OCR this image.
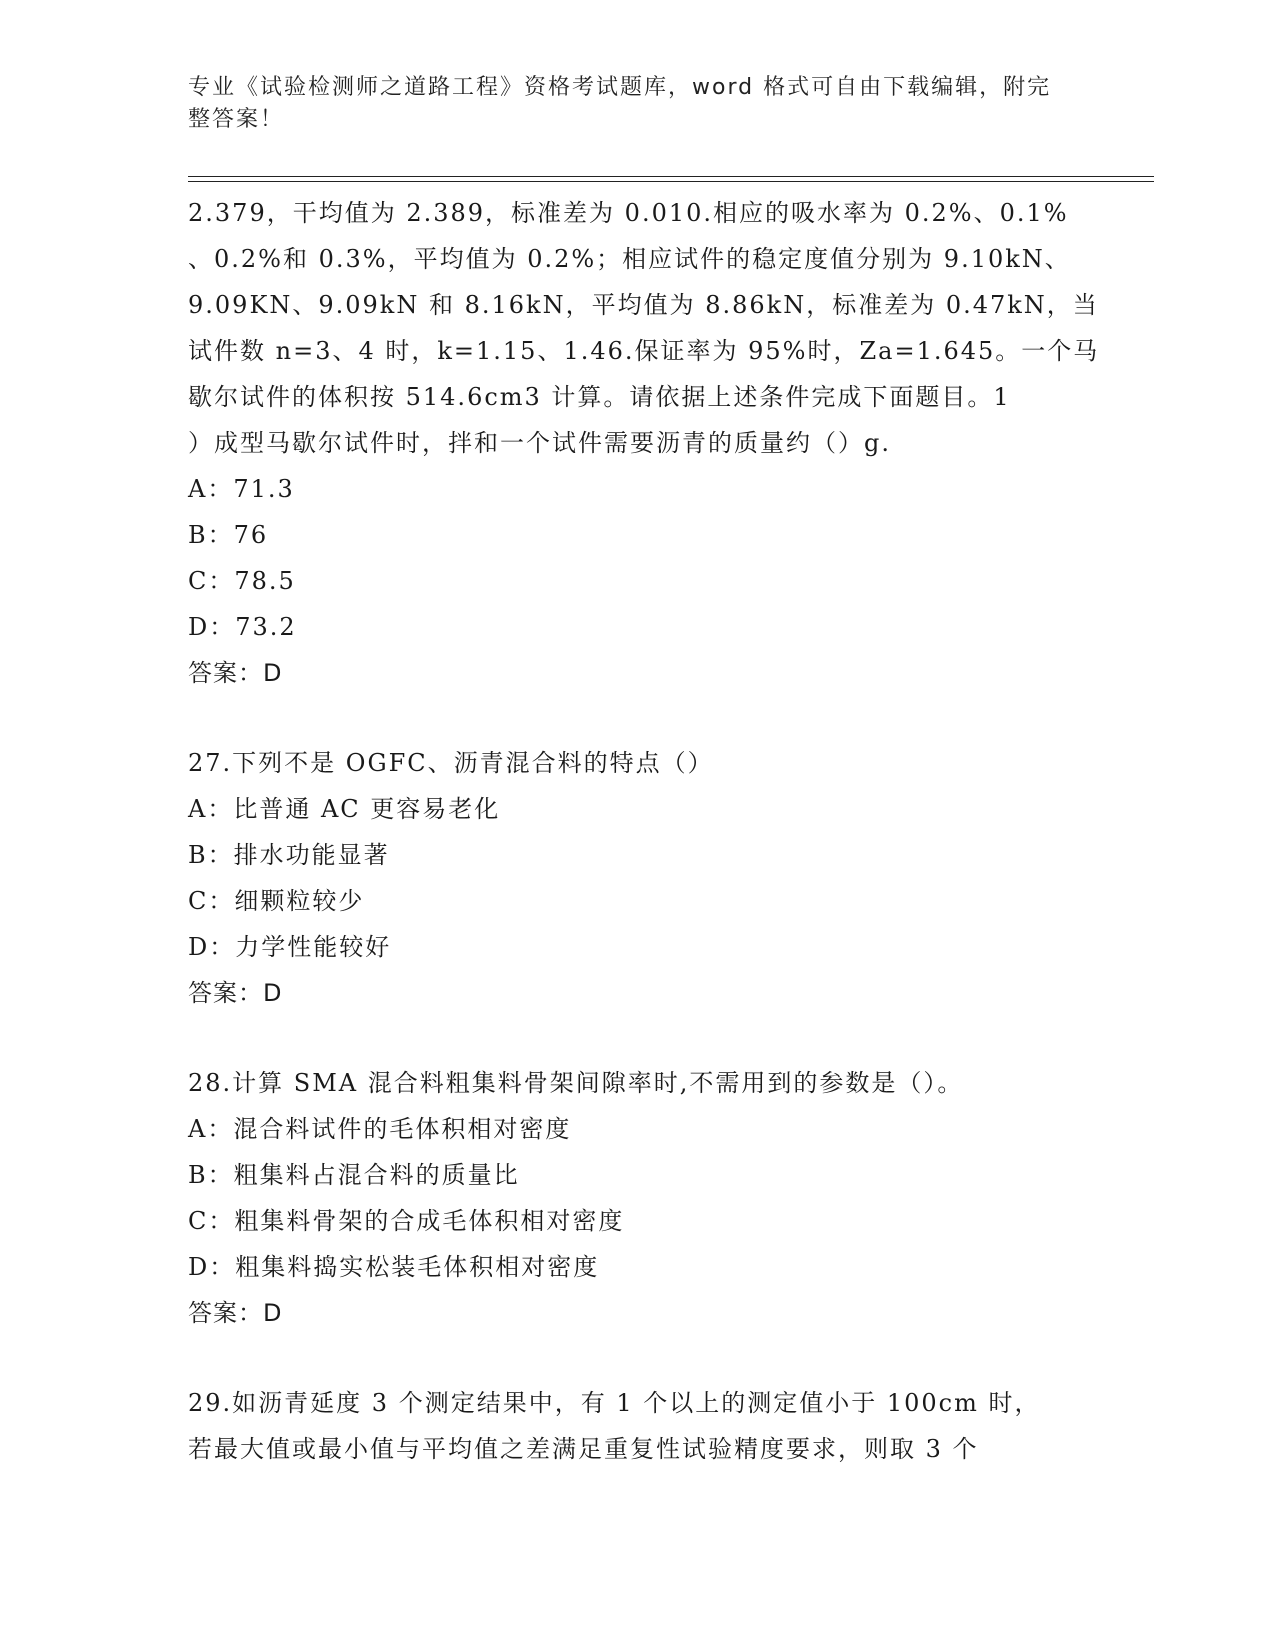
专业《试验检测师之道路工程》资格考试题库，word 格式可自由下载编辑，附完
整答案！
2.379，干均值为 2.389，标准差为 0.010.相应的吸水率为 0.2%、0.1%
、0.2%和 0.3%，平均值为 0.2%；相应试件的稳定度值分别为 9.10kN、
9.09KN、9.09kN 和 8.16kN，平均值为 8.86kN，标准差为 0.47kN，当
试件数 n=3、4 时，k=1.15、1.46.保证率为 95%时，Za=1.645。一个马
歇尔试件的体积按 514.6cm3 计算。请依据上述条件完成下面题目。1
）成型马歇尔试件时，拌和一个试件需要沥青的质量约（）g.
A：71.3
B：76
C：78.5
D：73.2
答案：D
27.下列不是 OGFC、沥青混合料的特点（）
A：比普通 AC 更容易老化
B：排水功能显著
C：细颗粒较少
D：力学性能较好
答案：D
28.计算 SMA 混合料粗集料骨架间隙率时,不需用到的参数是（）。
A：混合料试件的毛体积相对密度
B：粗集料占混合料的质量比
C：粗集料骨架的合成毛体积相对密度
D：粗集料捣实松装毛体积相对密度
答案：D
29.如沥青延度 3 个测定结果中，有 1 个以上的测定值小于 100cm 时，
若最大值或最小值与平均值之差满足重复性试验精度要求，则取 3 个
